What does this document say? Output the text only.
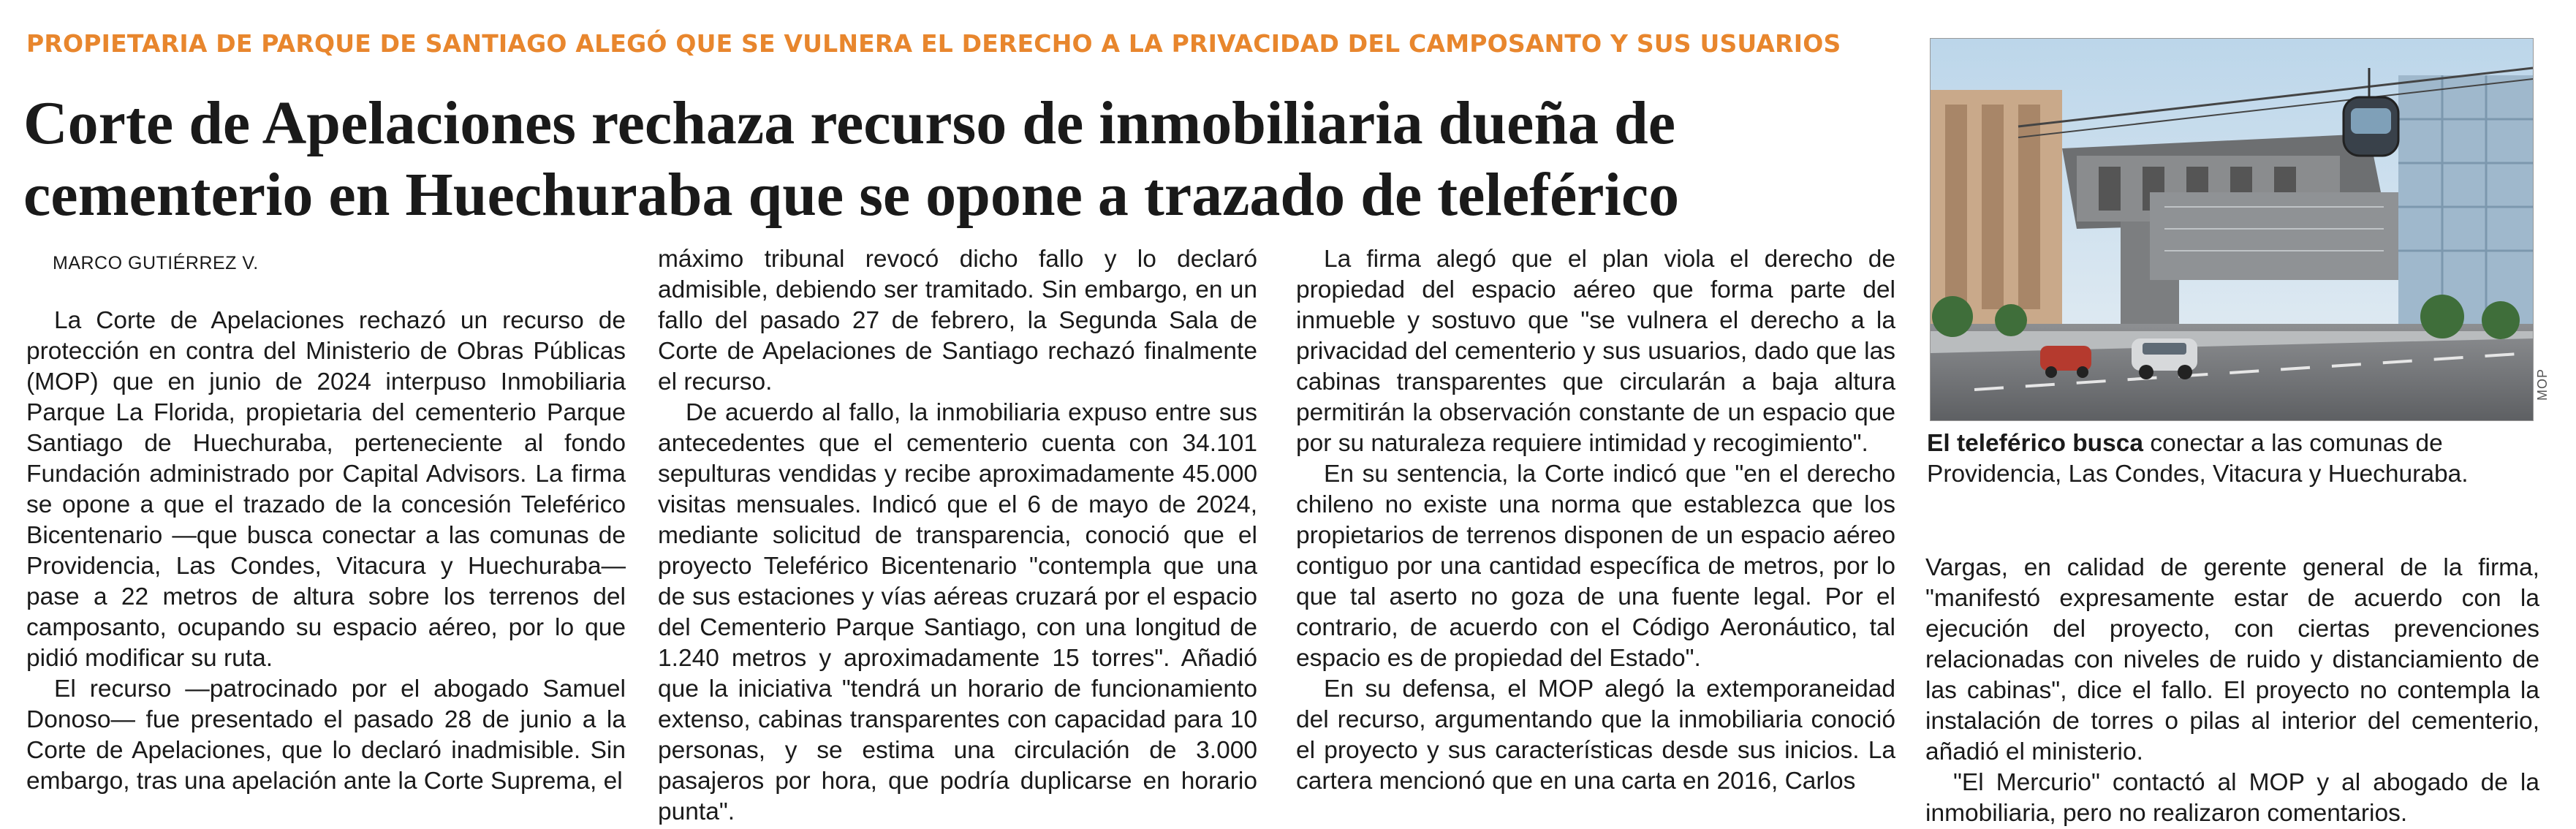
PROPIETARIA DE PARQUE DE SANTIAGO ALEGÓ QUE SE VULNERA EL DERECHO A LA PRIVACIDAD DEL CAMPOSANTO Y SUS USUARIOS
Corte de Apelaciones rechaza recurso de inmobiliaria dueña de
cementerio en Huechuraba que se opone a trazado de teleférico
MARCO GUTIÉRREZ V.

La Corte de Apelaciones rechazó un recurso de protección en contra del Ministerio de Obras Públicas (MOP) que en junio de 2024 interpuso Inmobiliaria Parque La Florida, propietaria del cementerio Parque Santiago de Huechuraba, perteneciente al fondo Fundación administrado por Capital Advisors. La firma se opone a que el trazado de la concesión Teleférico Bicentenario —que busca conectar a las comunas de Providencia, Las Condes, Vitacura y Huechuraba— pase a 22 metros de altura sobre los terrenos del camposanto, ocupando su espacio aéreo, por lo que pidió modificar su ruta.

El recurso —patrocinado por el abogado Samuel Donoso— fue presentado el pasado 28 de junio a la Corte de Apelaciones, que lo declaró inadmisible. Sin embargo, tras una apelación ante la Corte Suprema, el

máximo tribunal revocó dicho fallo y lo declaró admisible, debiendo ser tramitado. Sin embargo, en un fallo del pasado 27 de febrero, la Segunda Sala de Corte de Apelaciones de Santiago rechazó finalmente el recurso.

De acuerdo al fallo, la inmobiliaria expuso entre sus antecedentes que el cementerio cuenta con 34.101 sepulturas vendidas y recibe aproximadamente 45.000 visitas mensuales. Indicó que el 6 de mayo de 2024, mediante solicitud de transparencia, conoció que el proyecto Teleférico Bicentenario "contempla que una de sus estaciones y vías aéreas cruzará por el espacio del Cementerio Parque Santiago, con una longitud de 1.240 metros y aproximadamente 15 torres". Añadió que la iniciativa "tendrá un horario de funcionamiento extenso, cabinas transparentes con capacidad para 10 personas, y se estima una circulación de 3.000 pasajeros por hora, que podría duplicarse en horario punta".

La firma alegó que el plan viola el derecho de propiedad del espacio aéreo que forma parte del inmueble y sostuvo que "se vulnera el derecho a la privacidad del cementerio y sus usuarios, dado que las cabinas transparentes que circularán a baja altura permitirán la observación constante de un espacio que por su naturaleza requiere intimidad y recogimiento".

En su sentencia, la Corte indicó que "en el derecho chileno no existe una norma que establezca que los propietarios de terrenos disponen de un espacio aéreo contiguo por una cantidad específica de metros, por lo que tal aserto no goza de una fuente legal. Por el contrario, de acuerdo con el Código Aeronáutico, tal espacio es de propiedad del Estado".

En su defensa, el MOP alegó la extemporaneidad del recurso, argumentando que la inmobiliaria conoció el proyecto y sus características desde sus inicios. La cartera mencionó que en una carta en 2016, Carlos

MOP
El teleférico busca conectar a las comunas de Providencia, Las Condes, Vitacura y Huechuraba.

Vargas, en calidad de gerente general de la firma, "manifestó expresamente estar de acuerdo con la ejecución del proyecto, con ciertas prevenciones relacionadas con niveles de ruido y distanciamiento de las cabinas", dice el fallo. El proyecto no contempla la instalación de torres o pilas al interior del cementerio, añadió el ministerio.

"El Mercurio" contactó al MOP y al abogado de la inmobiliaria, pero no realizaron comentarios.
